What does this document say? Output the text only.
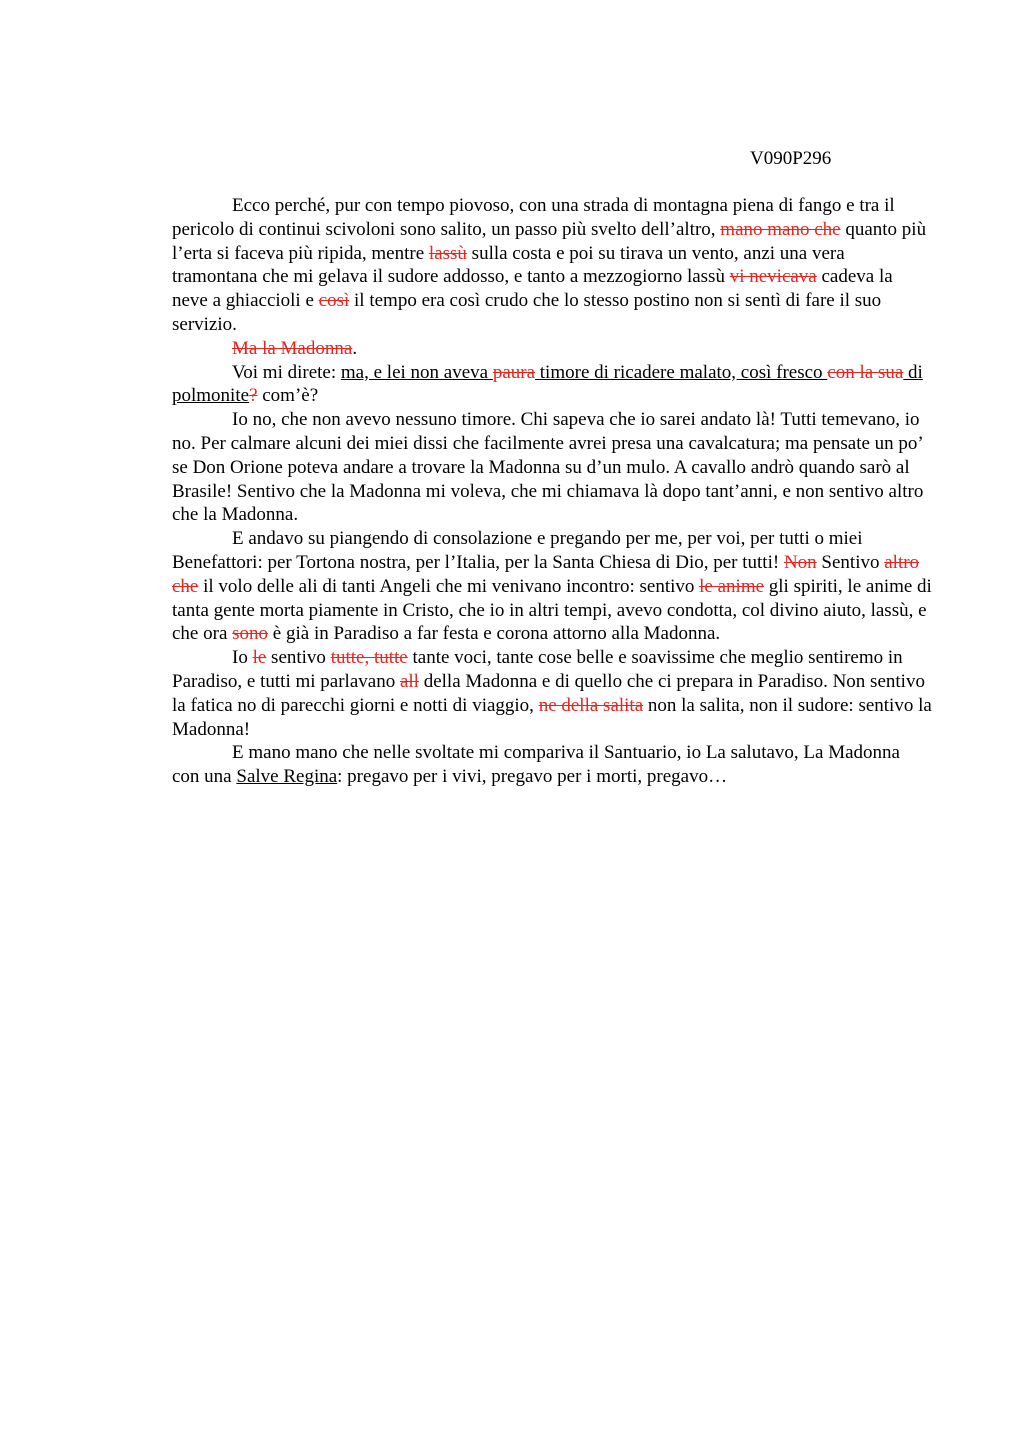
V090P296

Ecco perché, pur con tempo piovoso, con una strada di montagna piena di fango e tra il pericolo di continui scivoloni sono salito, un passo più svelto dell’altro, mano mano che quanto più l’erta si faceva più ripida, mentre lassù sulla costa e poi su tirava un vento, anzi una vera tramontana che mi gelava il sudore addosso, e tanto a mezzogiorno lassù vi nevicava cadeva la neve a ghiaccioli e così il tempo era così crudo che lo stesso postino non si sentì di fare il suo servizio.

Ma la Madonna.

Voi mi direte: ma, e lei non aveva paura timore di ricadere malato, così fresco con la sua di polmonite? com’è?

Io no, che non avevo nessuno timore. Chi sapeva che io sarei andato là! Tutti temevano, io no. Per calmare alcuni dei miei dissi che facilmente avrei presa una cavalcatura; ma pensate un po’ se Don Orione poteva andare a trovare la Madonna su d’un mulo. A cavallo andrò quando sarò al Brasile! Sentivo che la Madonna mi voleva, che mi chiamava là dopo tant’anni, e non sentivo altro che la Madonna.

E andavo su piangendo di consolazione e pregando per me, per voi, per tutti o miei Benefattori: per Tortona nostra, per l’Italia, per la Santa Chiesa di Dio, per tutti! Non Sentivo altro che il volo delle ali di tanti Angeli che mi venivano incontro: sentivo le anime gli spiriti, le anime di tanta gente morta piamente in Cristo, che io in altri tempi, avevo condotta, col divino aiuto, lassù, e che ora sono è già in Paradiso a far festa e corona attorno alla Madonna.

Io le sentivo tutte, tutte tante voci, tante cose belle e soavissime che meglio sentiremo in Paradiso, e tutti mi parlavano all della Madonna e di quello che ci prepara in Paradiso. Non sentivo la fatica no di parecchi giorni e notti di viaggio, ne della salita non la salita, non il sudore: sentivo la Madonna!

E mano mano che nelle svoltate mi compariva il Santuario, io La salutavo, La Madonna con una Salve Regina: pregavo per i vivi, pregavo per i morti, pregavo…
